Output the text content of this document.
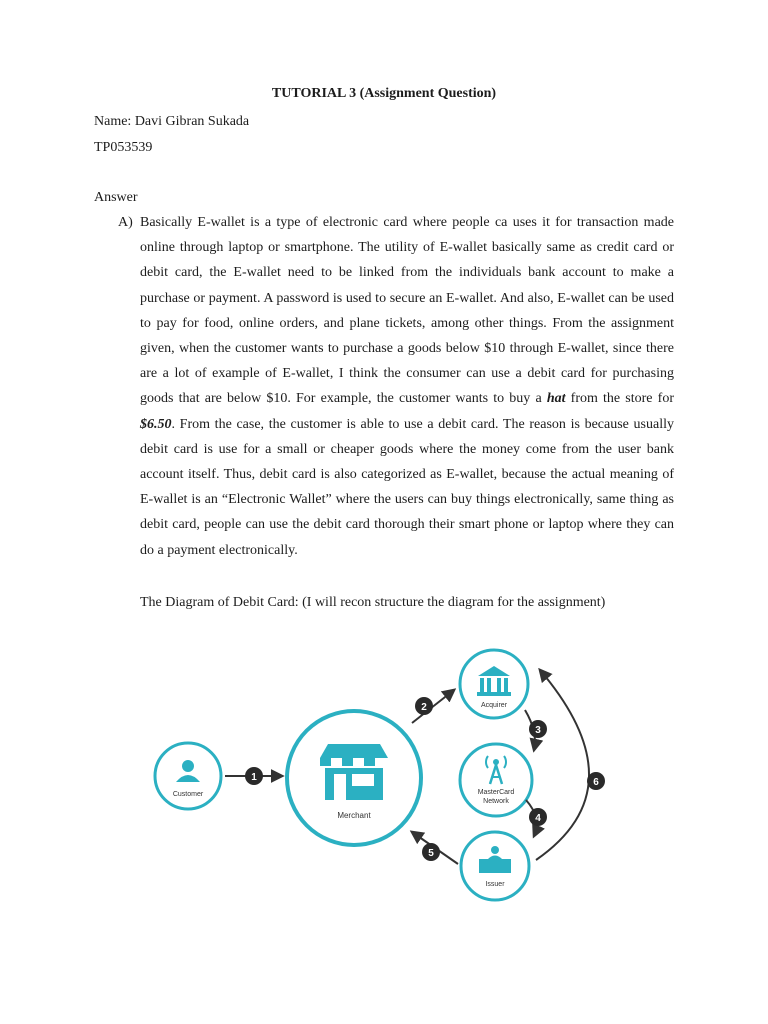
TUTORIAL 3 (Assignment Question)
Name: Davi Gibran Sukada
TP053539
Answer
A) Basically E-wallet is a type of electronic card where people ca uses it for transaction made online through laptop or smartphone. The utility of E-wallet basically same as credit card or debit card, the E-wallet need to be linked from the individuals bank account to make a purchase or payment. A password is used to secure an E-wallet. And also, E-wallet can be used to pay for food, online orders, and plane tickets, among other things. From the assignment given, when the customer wants to purchase a goods below $10 through E-wallet, since there are a lot of example of E-wallet, I think the consumer can use a debit card for purchasing goods that are below $10. For example, the customer wants to buy a hat from the store for $6.50. From the case, the customer is able to use a debit card. The reason is because usually debit card is use for a small or cheaper goods where the money come from the user bank account itself. Thus, debit card is also categorized as E-wallet, because the actual meaning of E-wallet is an “Electronic Wallet” where the users can buy things electronically, same thing as debit card, people can use the debit card thorough their smart phone or laptop where they can do a payment electronically.
The Diagram of Debit Card: (I will recon structure the diagram for the assignment)
Customer
1
Merchant
Acquirer
MasterCard
Network
Issuer
2
3
4
5
6
